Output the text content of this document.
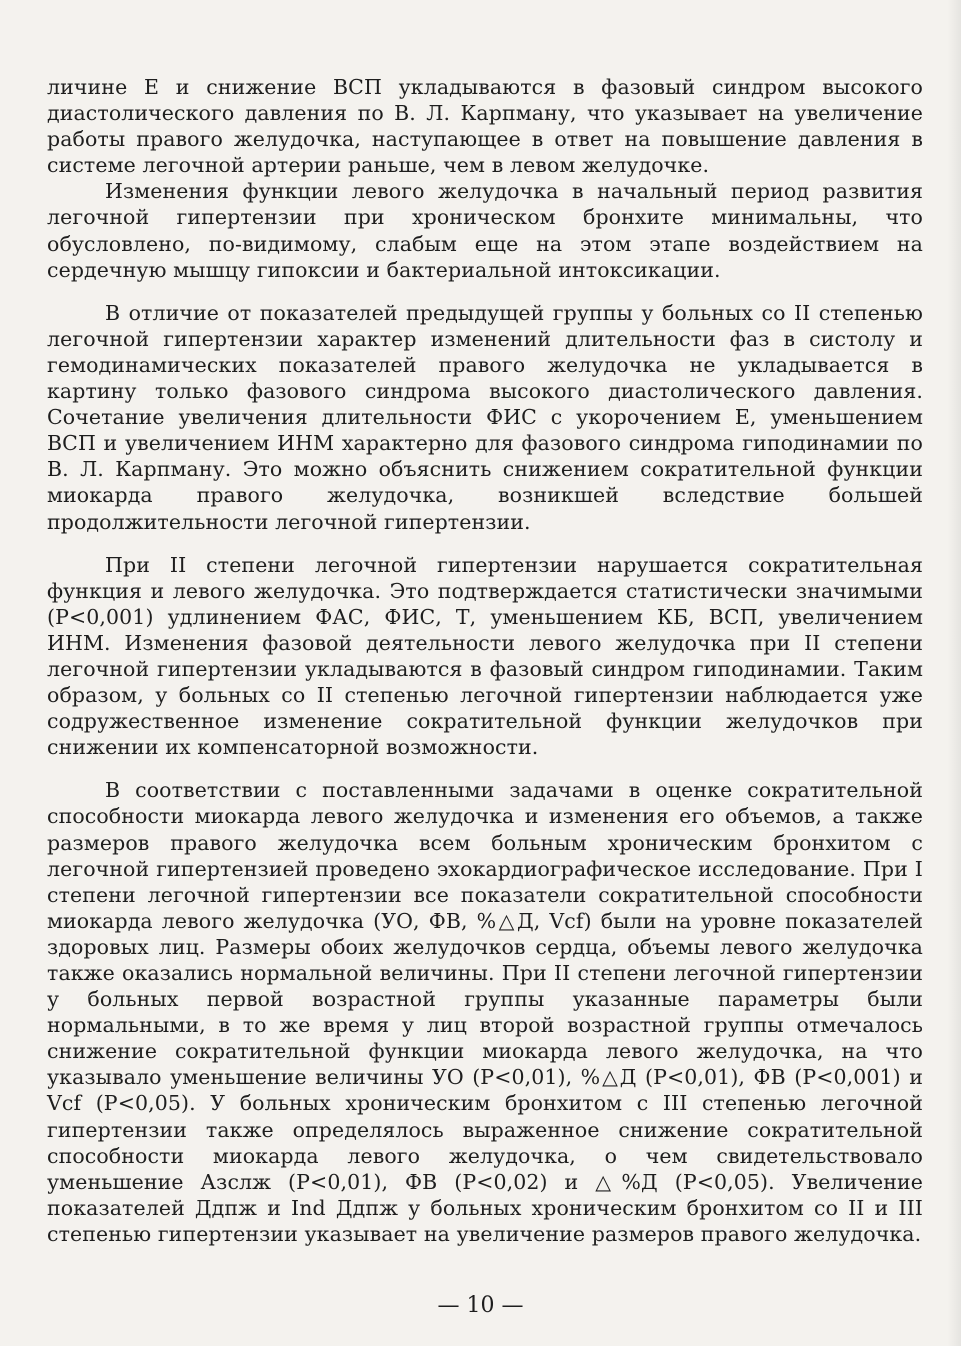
личине Е и снижение ВСП укладываются в фазовый синдром высокого диастолического давления по В. Л. Карпману, что указывает на увеличение работы правого желудочка, наступающее в ответ на повышение давления в системе легочной артерии раньше, чем в левом желудочке.

Изменения функции левого желудочка в начальный период развития легочной гипертензии при хроническом бронхите минимальны, что обусловлено, по-видимому, слабым еще на этом этапе воздействием на сердечную мышцу гипоксии и бактериальной интоксикации.

В отличие от показателей предыдущей группы у больных со II степенью легочной гипертензии характер изменений длительности фаз в систолу и гемодинамических показателей правого желудочка не укладывается в картину только фазового синдрома высокого диастолического давления. Сочетание увеличения длительности ФИС с укорочением Е, уменьшением ВСП и увеличением ИНМ характерно для фазового синдрома гиподинамии по В. Л. Карпману. Это можно объяснить снижением сократительной функции миокарда правого желудочка, возникшей вследствие большей продолжительности легочной гипертензии.

При II степени легочной гипертензии нарушается сократительная функция и левого желудочка. Это подтверждается статистически значимыми (Р<0,001) удлинением ФАС, ФИС, Т, уменьшением КБ, ВСП, увеличением ИНМ. Изменения фазовой деятельности левого желудочка при II степени легочной гипертензии укладываются в фазовый синдром гиподинамии. Таким образом, у больных со II степенью легочной гипертензии наблюдается уже содружественное изменение сократительной функции желудочков при снижении их компенсаторной возможности.

В соответствии с поставленными задачами в оценке сократительной способности миокарда левого желудочка и изменения его объемов, а также размеров правого желудочка всем больным хроническим бронхитом с легочной гипертензией проведено эхокардиографическое исследование. При I степени легочной гипертензии все показатели сократительной способности миокарда левого желудочка (УО, ФВ, %△Д, Vcf) были на уровне показателей здоровых лиц. Размеры обоих желудочков сердца, объемы левого желудочка также оказались нормальной величины. При II степени легочной гипертензии у больных первой возрастной группы указанные параметры были нормальными, в то же время у лиц второй возрастной группы отмечалось снижение сократительной функции миокарда левого желудочка, на что указывало уменьшение величины УО (Р<0,01), %△Д (Р<0,01), ФВ (Р<0,001) и Vcf (Р<0,05). У больных хроническим бронхитом с III степенью легочной гипертензии также определялось выраженное снижение сократительной способности миокарда левого желудочка, о чем свидетельствовало уменьшение Азслж (Р<0,01), ФВ (Р<0,02) и △%Д (Р<0,05). Увеличение показателей Ддпж и Ind Ддпж у больных хроническим бронхитом со II и III степенью гипертензии указывает на увеличение размеров правого желудочка.

— 10 —
